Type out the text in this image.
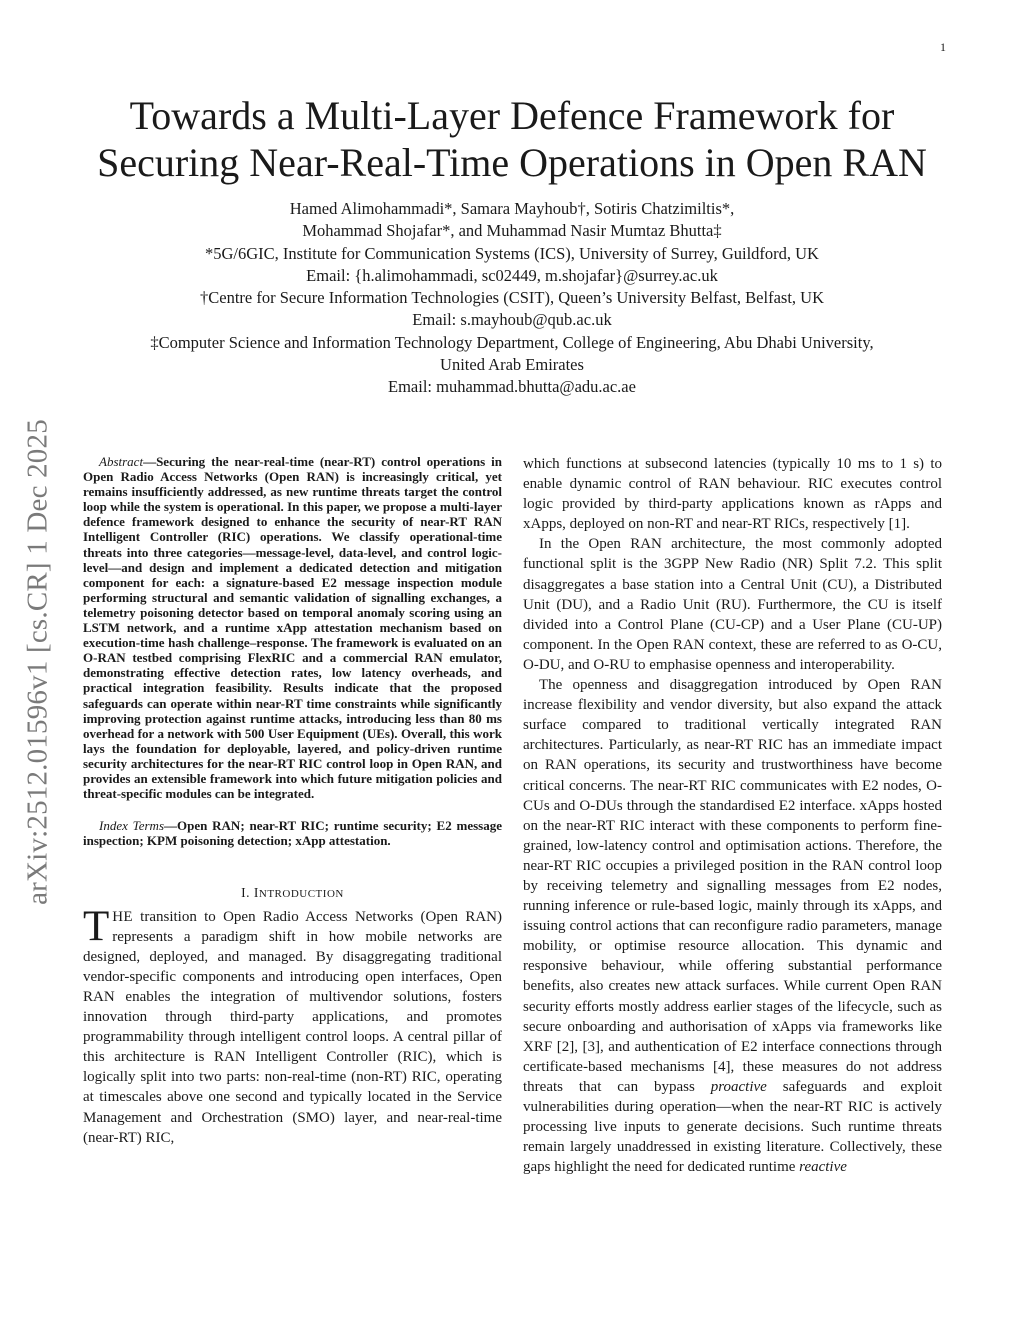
1
arXiv:2512.01596v1 [cs.CR] 1 Dec 2025
Towards a Multi-Layer Defence Framework for
Securing Near-Real-Time Operations in Open RAN
Hamed Alimohammadi*, Samara Mayhoub†, Sotiris Chatzimiltis*,
Mohammad Shojafar*, and Muhammad Nasir Mumtaz Bhutta‡
*5G/6GIC, Institute for Communication Systems (ICS), University of Surrey, Guildford, UK
Email: {h.alimohammadi, sc02449, m.shojafar}@surrey.ac.uk
†Centre for Secure Information Technologies (CSIT), Queen’s University Belfast, Belfast, UK
Email: s.mayhoub@qub.ac.uk
‡Computer Science and Information Technology Department, College of Engineering, Abu Dhabi University,
United Arab Emirates
Email: muhammad.bhutta@adu.ac.ae

Abstract—Securing the near-real-time (near-RT) control operations in Open Radio Access Networks (Open RAN) is increasingly critical, yet remains insufficiently addressed, as new runtime threats target the control loop while the system is operational. In this paper, we propose a multi-layer defence framework designed to enhance the security of near-RT RAN Intelligent Controller (RIC) operations. We classify operational-time threats into three categories—message-level, data-level, and control logic-level—and design and implement a dedicated detection and mitigation component for each: a signature-based E2 message inspection module performing structural and semantic validation of signalling exchanges, a telemetry poisoning detector based on temporal anomaly scoring using an LSTM network, and a runtime xApp attestation mechanism based on execution-time hash challenge–response. The framework is evaluated on an O-RAN testbed comprising FlexRIC and a commercial RAN emulator, demonstrating effective detection rates, low latency overheads, and practical integration feasibility. Results indicate that the proposed safeguards can operate within near-RT time constraints while significantly improving protection against runtime attacks, introducing less than 80 ms overhead for a network with 500 User Equipment (UEs). Overall, this work lays the foundation for deployable, layered, and policy-driven runtime security architectures for the near-RT RIC control loop in Open RAN, and provides an extensible framework into which future mitigation policies and threat-specific modules can be integrated.

Index Terms—Open RAN; near-RT RIC; runtime security; E2 message inspection; KPM poisoning detection; xApp attestation.

I. INTRODUCTION

THE transition to Open Radio Access Networks (Open RAN) represents a paradigm shift in how mobile networks are designed, deployed, and managed. By disaggregating traditional vendor-specific components and introducing open interfaces, Open RAN enables the integration of multivendor solutions, fosters innovation through third-party applications, and promotes programmability through intelligent control loops. A central pillar of this architecture is RAN Intelligent Controller (RIC), which is logically split into two parts: non-real-time (non-RT) RIC, operating at timescales above one second and typically located in the Service Management and Orchestration (SMO) layer, and near-real-time (near-RT) RIC,

which functions at subsecond latencies (typically 10 ms to 1 s) to enable dynamic control of RAN behaviour. RIC executes control logic provided by third-party applications known as rApps and xApps, deployed on non-RT and near-RT RICs, respectively [1].

In the Open RAN architecture, the most commonly adopted functional split is the 3GPP New Radio (NR) Split 7.2. This split disaggregates a base station into a Central Unit (CU), a Distributed Unit (DU), and a Radio Unit (RU). Furthermore, the CU is itself divided into a Control Plane (CU-CP) and a User Plane (CU-UP) component. In the Open RAN context, these are referred to as O-CU, O-DU, and O-RU to emphasise openness and interoperability.

The openness and disaggregation introduced by Open RAN increase flexibility and vendor diversity, but also expand the attack surface compared to traditional vertically integrated RAN architectures. Particularly, as near-RT RIC has an immediate impact on RAN operations, its security and trustworthiness have become critical concerns. The near-RT RIC communicates with E2 nodes, O-CUs and O-DUs through the standardised E2 interface. xApps hosted on the near-RT RIC interact with these components to perform fine-grained, low-latency control and optimisation actions. Therefore, the near-RT RIC occupies a privileged position in the RAN control loop by receiving telemetry and signalling messages from E2 nodes, running inference or rule-based logic, mainly through its xApps, and issuing control actions that can reconfigure radio parameters, manage mobility, or optimise resource allocation. This dynamic and responsive behaviour, while offering substantial performance benefits, also creates new attack surfaces. While current Open RAN security efforts mostly address earlier stages of the lifecycle, such as secure onboarding and authorisation of xApps via frameworks like XRF [2], [3], and authentication of E2 interface connections through certificate-based mechanisms [4], these measures do not address threats that can bypass proactive safeguards and exploit vulnerabilities during operation—when the near-RT RIC is actively processing live inputs to generate decisions. Such runtime threats remain largely unaddressed in existing literature. Collectively, these gaps highlight the need for dedicated runtime reactive
